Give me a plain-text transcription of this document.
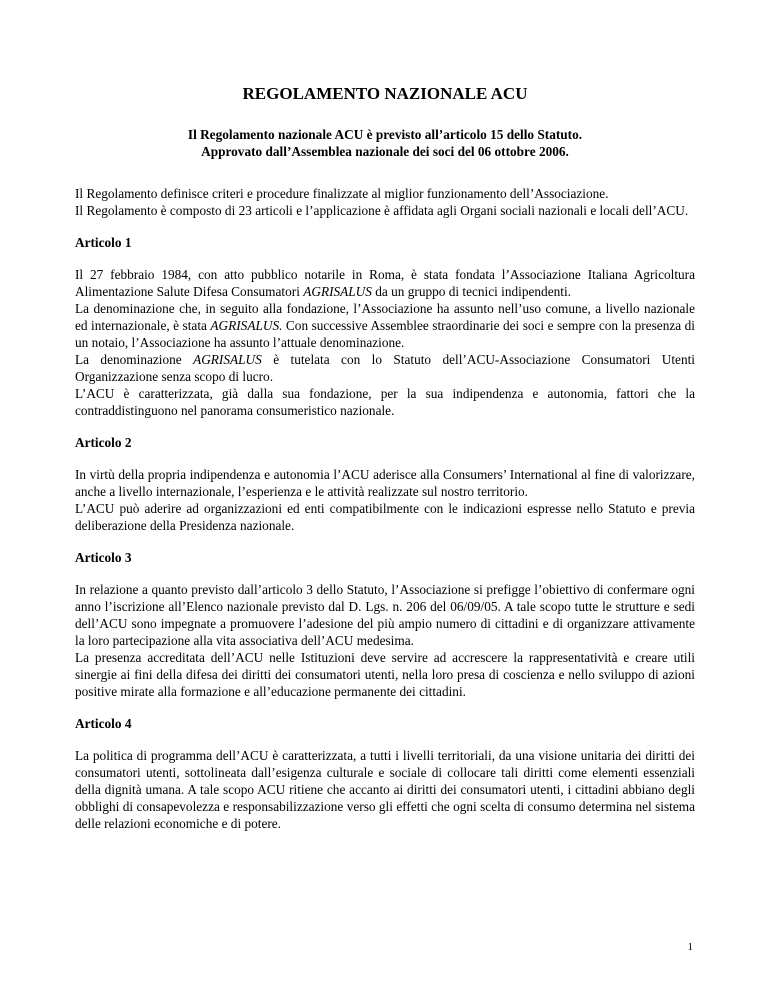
REGOLAMENTO NAZIONALE ACU
Il Regolamento nazionale ACU è previsto all’articolo 15 dello Statuto.
Approvato dall’Assemblea nazionale dei soci del 06 ottobre 2006.

Il Regolamento definisce criteri e procedure finalizzate al miglior funzionamento dell’Associazione.

Il Regolamento è composto di 23 articoli e l’applicazione è affidata agli Organi sociali nazionali e locali dell’ACU.

Articolo 1

Il 27 febbraio 1984, con atto pubblico notarile in Roma, è stata fondata l’Associazione Italiana Agricoltura Alimentazione Salute Difesa Consumatori AGRISALUS da un gruppo di tecnici indipendenti.

La denominazione che, in seguito alla fondazione, l’Associazione ha assunto nell’uso comune, a livello nazionale ed internazionale, è stata AGRISALUS. Con successive Assemblee straordinarie dei soci e sempre con la presenza di un notaio, l’Associazione ha assunto l’attuale denominazione.

La denominazione AGRISALUS è tutelata con lo Statuto dell’ACU-Associazione Consumatori Utenti Organizzazione senza scopo di lucro.

L’ACU è caratterizzata, già dalla sua fondazione, per la sua indipendenza e autonomia, fattori che la contraddistinguono nel panorama consumeristico nazionale.

Articolo 2

In virtù della propria indipendenza e autonomia l’ACU aderisce alla Consumers’ International al fine di valorizzare, anche a livello internazionale, l’esperienza e le attività realizzate sul nostro territorio.

L’ACU può aderire ad organizzazioni ed enti compatibilmente con le indicazioni espresse nello Statuto e previa deliberazione della Presidenza nazionale.

Articolo 3

In relazione a quanto previsto dall’articolo 3 dello Statuto, l’Associazione si prefigge l’obiettivo di confermare ogni anno l’iscrizione all’Elenco nazionale previsto dal D. Lgs. n. 206 del 06/09/05. A tale scopo tutte le strutture e sedi dell’ACU sono impegnate a promuovere l’adesione del più ampio numero di cittadini e di organizzare attivamente la loro partecipazione alla vita associativa dell’ACU medesima.

La presenza accreditata dell’ACU nelle Istituzioni deve servire ad accrescere la rappresentatività e creare utili sinergie ai fini della difesa dei diritti dei consumatori utenti, nella loro presa di coscienza e nello sviluppo di azioni positive mirate alla formazione e all’educazione permanente dei cittadini.

Articolo 4

La politica di programma dell’ACU è caratterizzata, a tutti i livelli territoriali, da una visione unitaria dei diritti dei consumatori utenti, sottolineata dall’esigenza culturale e sociale di collocare tali diritti come elementi essenziali della dignità umana. A tale scopo ACU ritiene che accanto ai diritti dei consumatori utenti, i cittadini abbiano degli obblighi di consapevolezza e responsabilizzazione verso gli effetti che ogni scelta di consumo determina nel sistema delle relazioni economiche e di potere.

1
